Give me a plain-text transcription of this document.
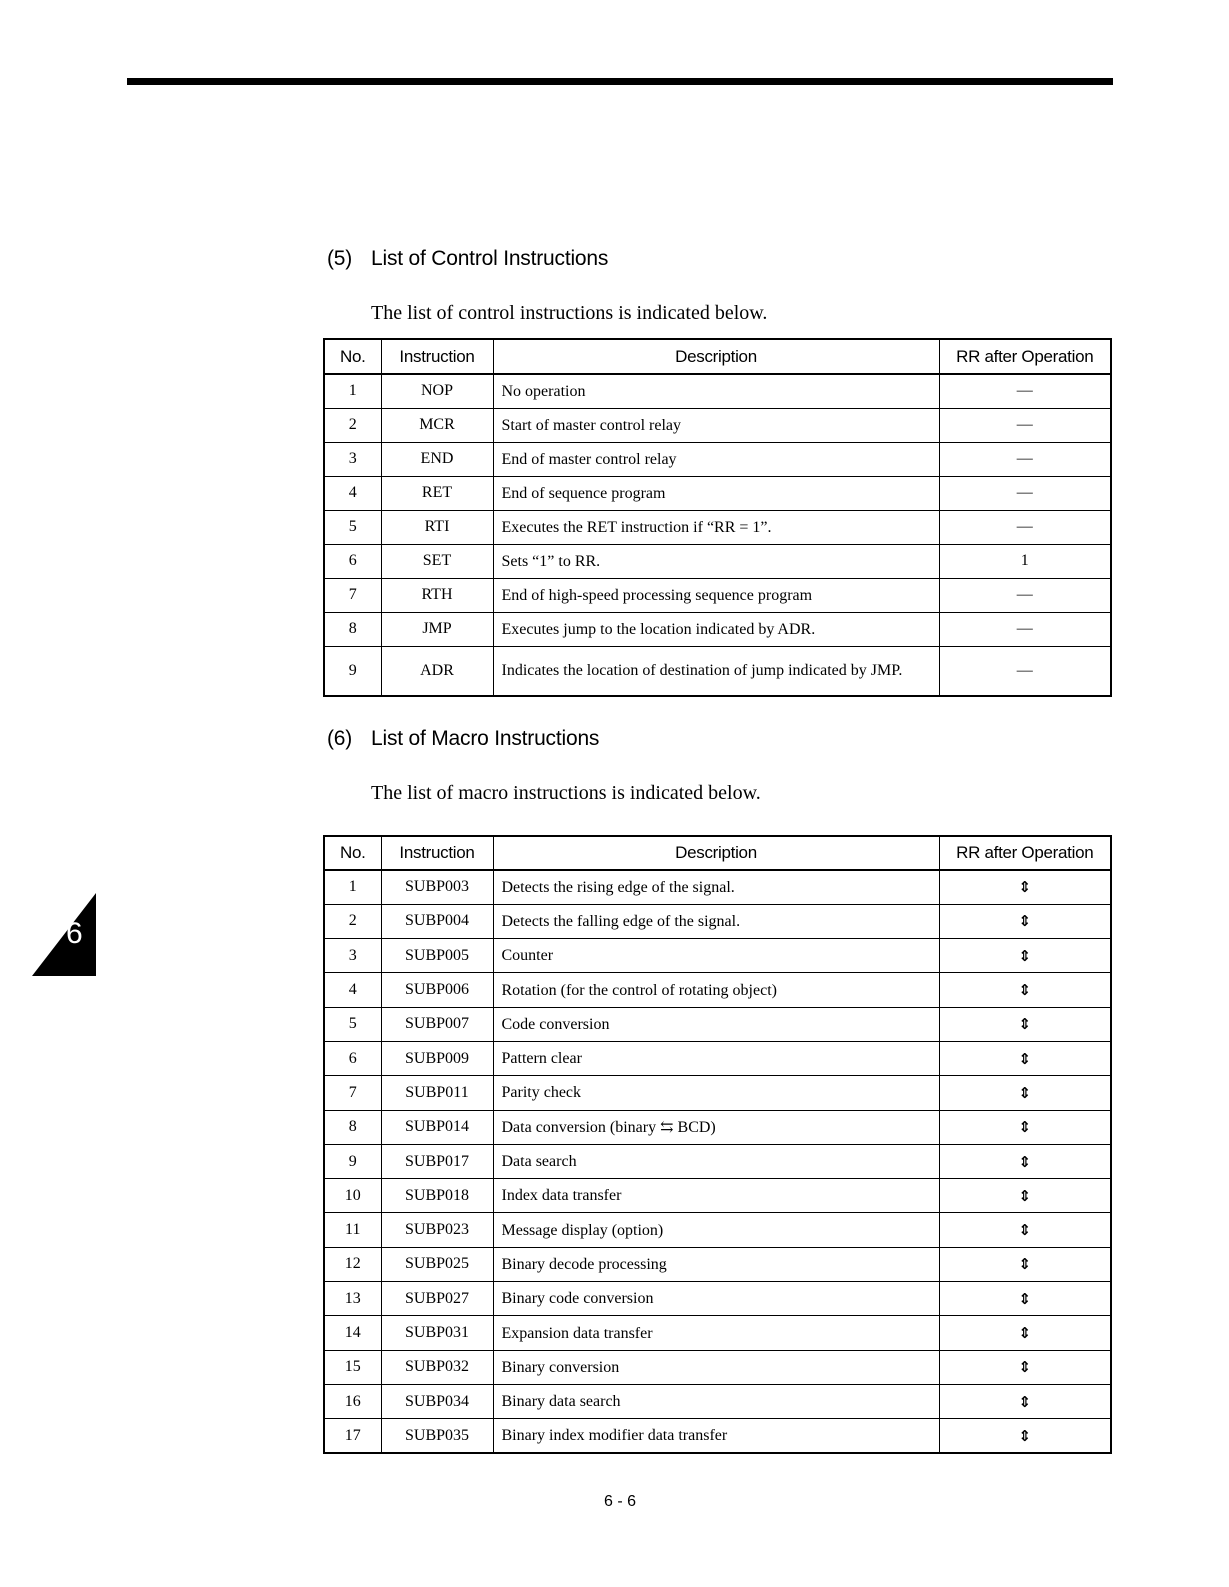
(5) List of Control Instructions
The list of control instructions is indicated below.
No.	Instruction	Description	RR after Operation
1	NOP	No operation	—
2	MCR	Start of master control relay	—
3	END	End of master control relay	—
4	RET	End of sequence program	—
5	RTI	Executes the RET instruction if “RR = 1”.	—
6	SET	Sets “1” to RR.	1
7	RTH	End of high-speed processing sequence program	—
8	JMP	Executes jump to the location indicated by ADR.	—
9	ADR	Indicates the location of destination of jump indicated by JMP.	—
(6) List of Macro Instructions
The list of macro instructions is indicated below.
No.	Instruction	Description	RR after Operation
1	SUBP003	Detects the rising edge of the signal.	⇕
2	SUBP004	Detects the falling edge of the signal.	⇕
3	SUBP005	Counter	⇕
4	SUBP006	Rotation (for the control of rotating object)	⇕
5	SUBP007	Code conversion	⇕
6	SUBP009	Pattern clear	⇕
7	SUBP011	Parity check	⇕
8	SUBP014	Data conversion (binary ⇆ BCD)	⇕
9	SUBP017	Data search	⇕
10	SUBP018	Index data transfer	⇕
11	SUBP023	Message display (option)	⇕
12	SUBP025	Binary decode processing	⇕
13	SUBP027	Binary code conversion	⇕
14	SUBP031	Expansion data transfer	⇕
15	SUBP032	Binary conversion	⇕
16	SUBP034	Binary data search	⇕
17	SUBP035	Binary index modifier data transfer	⇕
6
6 - 6
